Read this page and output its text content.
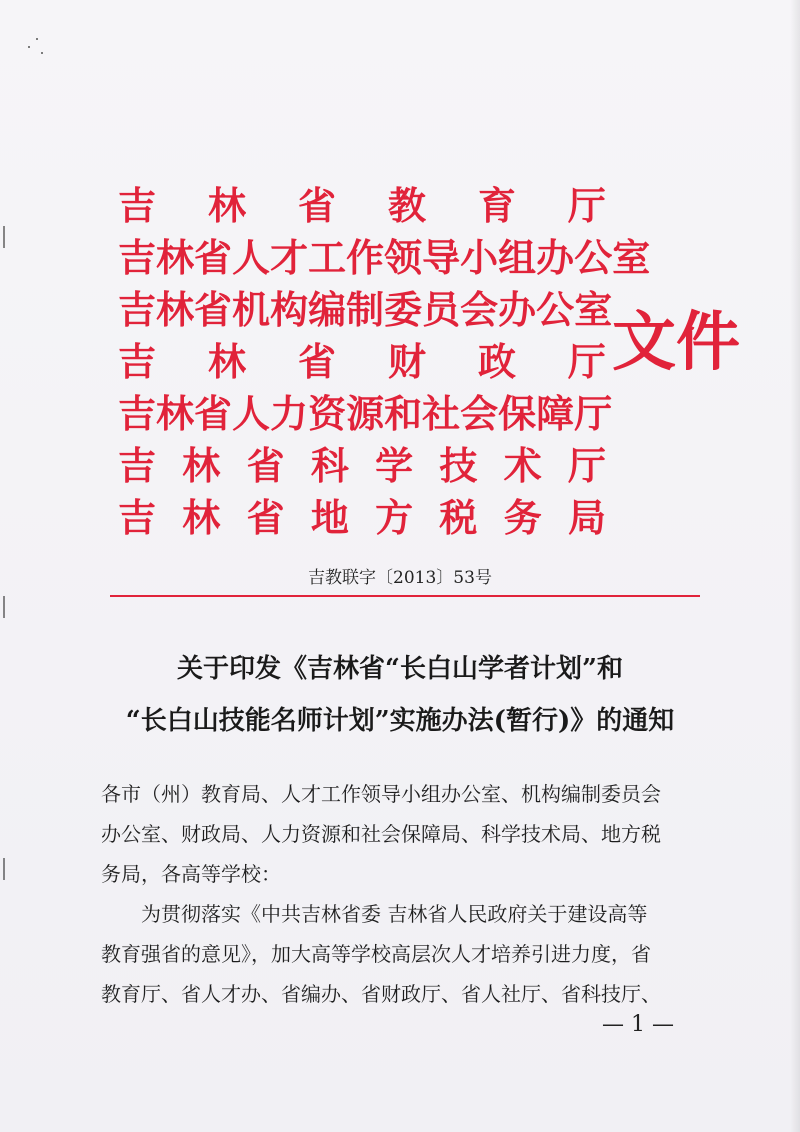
吉 林 省 教 育 厅
吉 林 省 人 才 工 作 领 导 小 组 办 公 室
吉 林 省 机 构 编 制 委 员 会 办 公 室
吉 林 省 财 政 厅
吉 林 省 人 力 资 源 和 社 会 保 障 厅
吉 林 省 科 学 技 术 厅
吉 林 省 地 方 税 务 局
文件
吉教联字〔2013〕53号
关于印发《吉林省“长白山学者计划”和
“长白山技能名师计划”实施办法(暂行)》的通知
各市（州）教育局、人才工作领导小组办公室、机构编制委员会
办公室、财政局、人力资源和社会保障局、科学技术局、地方税
务局，各高等学校：
为贯彻落实《中共吉林省委 吉林省人民政府关于建设高等
教育强省的意见》，加大高等学校高层次人才培养引进力度，省
教育厅、省人才办、省编办、省财政厅、省人社厅、省科技厅、
— 1 —
